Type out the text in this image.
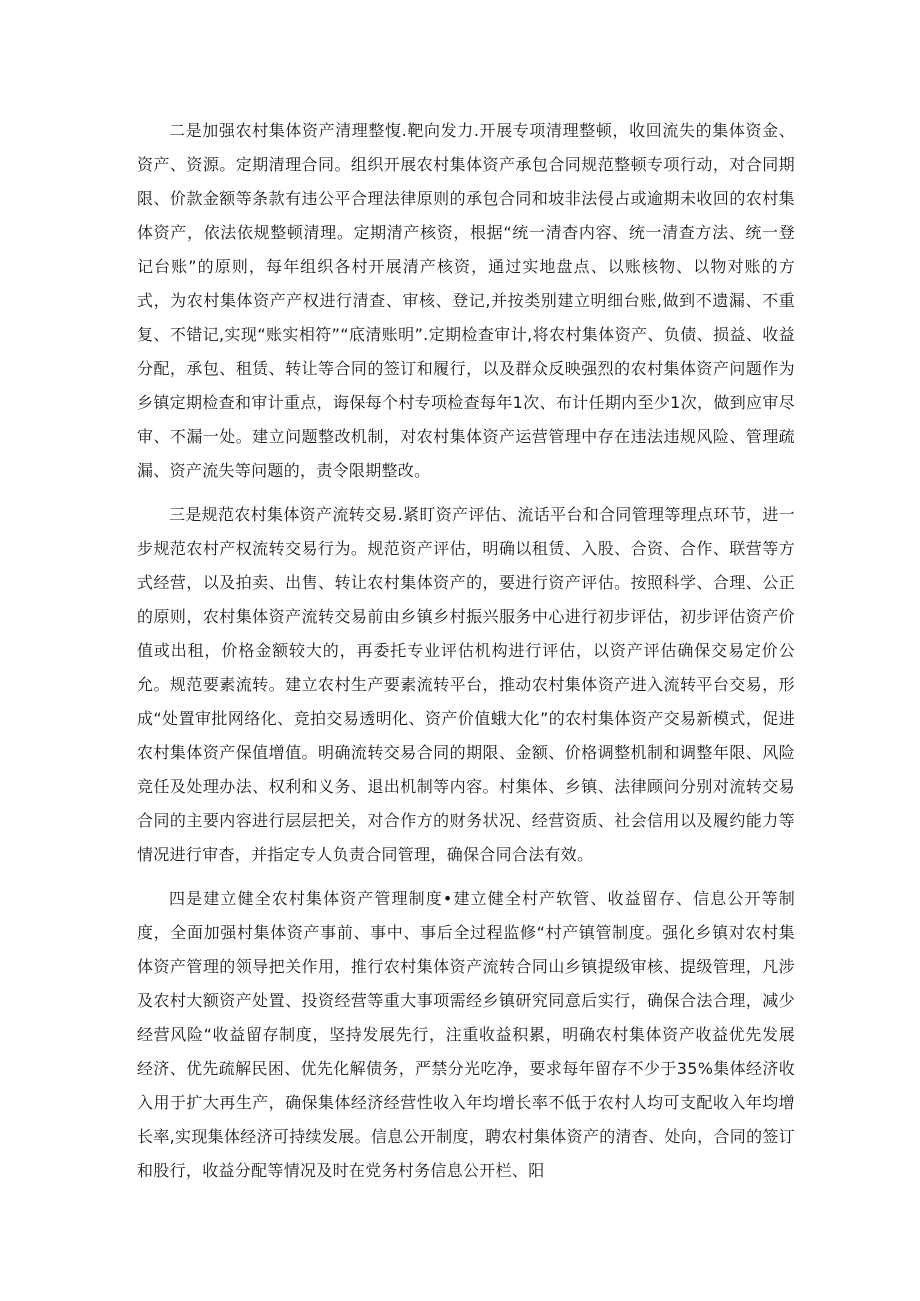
二是加强农村集体资产清理整愎.靶向发力.开展专项清理整顿，收回流失的集体资金、资产、资源。定期清理合同。组织开展农村集体资产承包合同规范整顿专项行动，对合同期限、价款金额等条款有违公平合理法律原则的承包合同和坡非法侵占或逾期未收回的农村集体资产，依法依规整顿清理。定期清产核资，根据“统一清杳内容、统一清查方法、统一登记台账”的原则，每年组织各村开展清产核资，通过实地盘点、以账核物、以物对账的方式，为农村集体资产产权进行清查、审核、登记,并按类别建立明细台账,做到不遗漏、不重复、不错记,实现“账实相符”“底清账明”.定期检查审计,将农村集体资产、负债、损益、收益分配，承包、租赁、转让等合同的签订和履行，以及群众反映强烈的农村集体资产问题作为乡镇定期检查和审计重点，诲保每个村专项检查每年1次、布计任期内至少1次，做到应审尽审、不漏一处。建立问题整改机制，对农村集体资产运营管理中存在违法违规风险、管理疏漏、资产流失等问题的，责令限期整改。

三是规范农村集体资产流转交易.紧盯资产评估、流话平台和合同管理等理点环节，进一步规范农村产权流转交易行为。规范资产评估，明确以租赁、入股、合资、合作、联营等方式经营，以及拍卖、出售、转让农村集体资产的，要进行资产评估。按照科学、合理、公正的原则，农村集体资产流转交易前由乡镇乡村振兴服务中心进行初步评估，初步评估资产价值或出租，价格金额较大的，再委托专业评估机构进行评估，以资产评估确保交易定价公允。规范要素流转。建立农村生产要素流转平台，推动农村集体资产进入流转平台交易，形成“处置审批网络化、竞拍交易透明化、资产价值蛾大化”的农村集体资产交易新模式，促进农村集体资产保值增值。明确流转交易合同的期限、金额、价格调整机制和调整年限、风险竞任及处理办法、权利和义务、退出机制等内容。村集体、乡镇、法律顾问分别对流转交易合同的主要内容进行层层把关，对合作方的财务状况、经营资质、社会信用以及履约能力等情况进行审杳，并指定专人负责合同管理，确保合同合法有效。

四是建立健全农村集体资产管理制度•建立健全村产软管、收益留存、信息公开等制度，全面加强村集体资产事前、事中、事后全过程监修“村产镇管制度。强化乡镇对农村集体资产管理的领导把关作用，推行农村集体资产流转合同山乡镇提级审核、提级管理，凡涉及农村大额资产处置、投资经营等重大事项需经乡镇研究同意后实行，确保合法合理，减少经营风险“收益留存制度，坚持发展先行，注重收益积累，明确农村集体资产收益优先发展经济、优先疏解民困、优先化解债务，严禁分光吃净，要求每年留存不少于35%集体经济收入用于扩大再生产，确保集体经济经营性收入年均增长率不低于农村人均可支配收入年均增长率,实现集体经济可持续发展。信息公开制度，聘农村集体资产的清杳、处向，合同的签订和股行，收益分配等情况及时在党务村务信息公开栏、阳
